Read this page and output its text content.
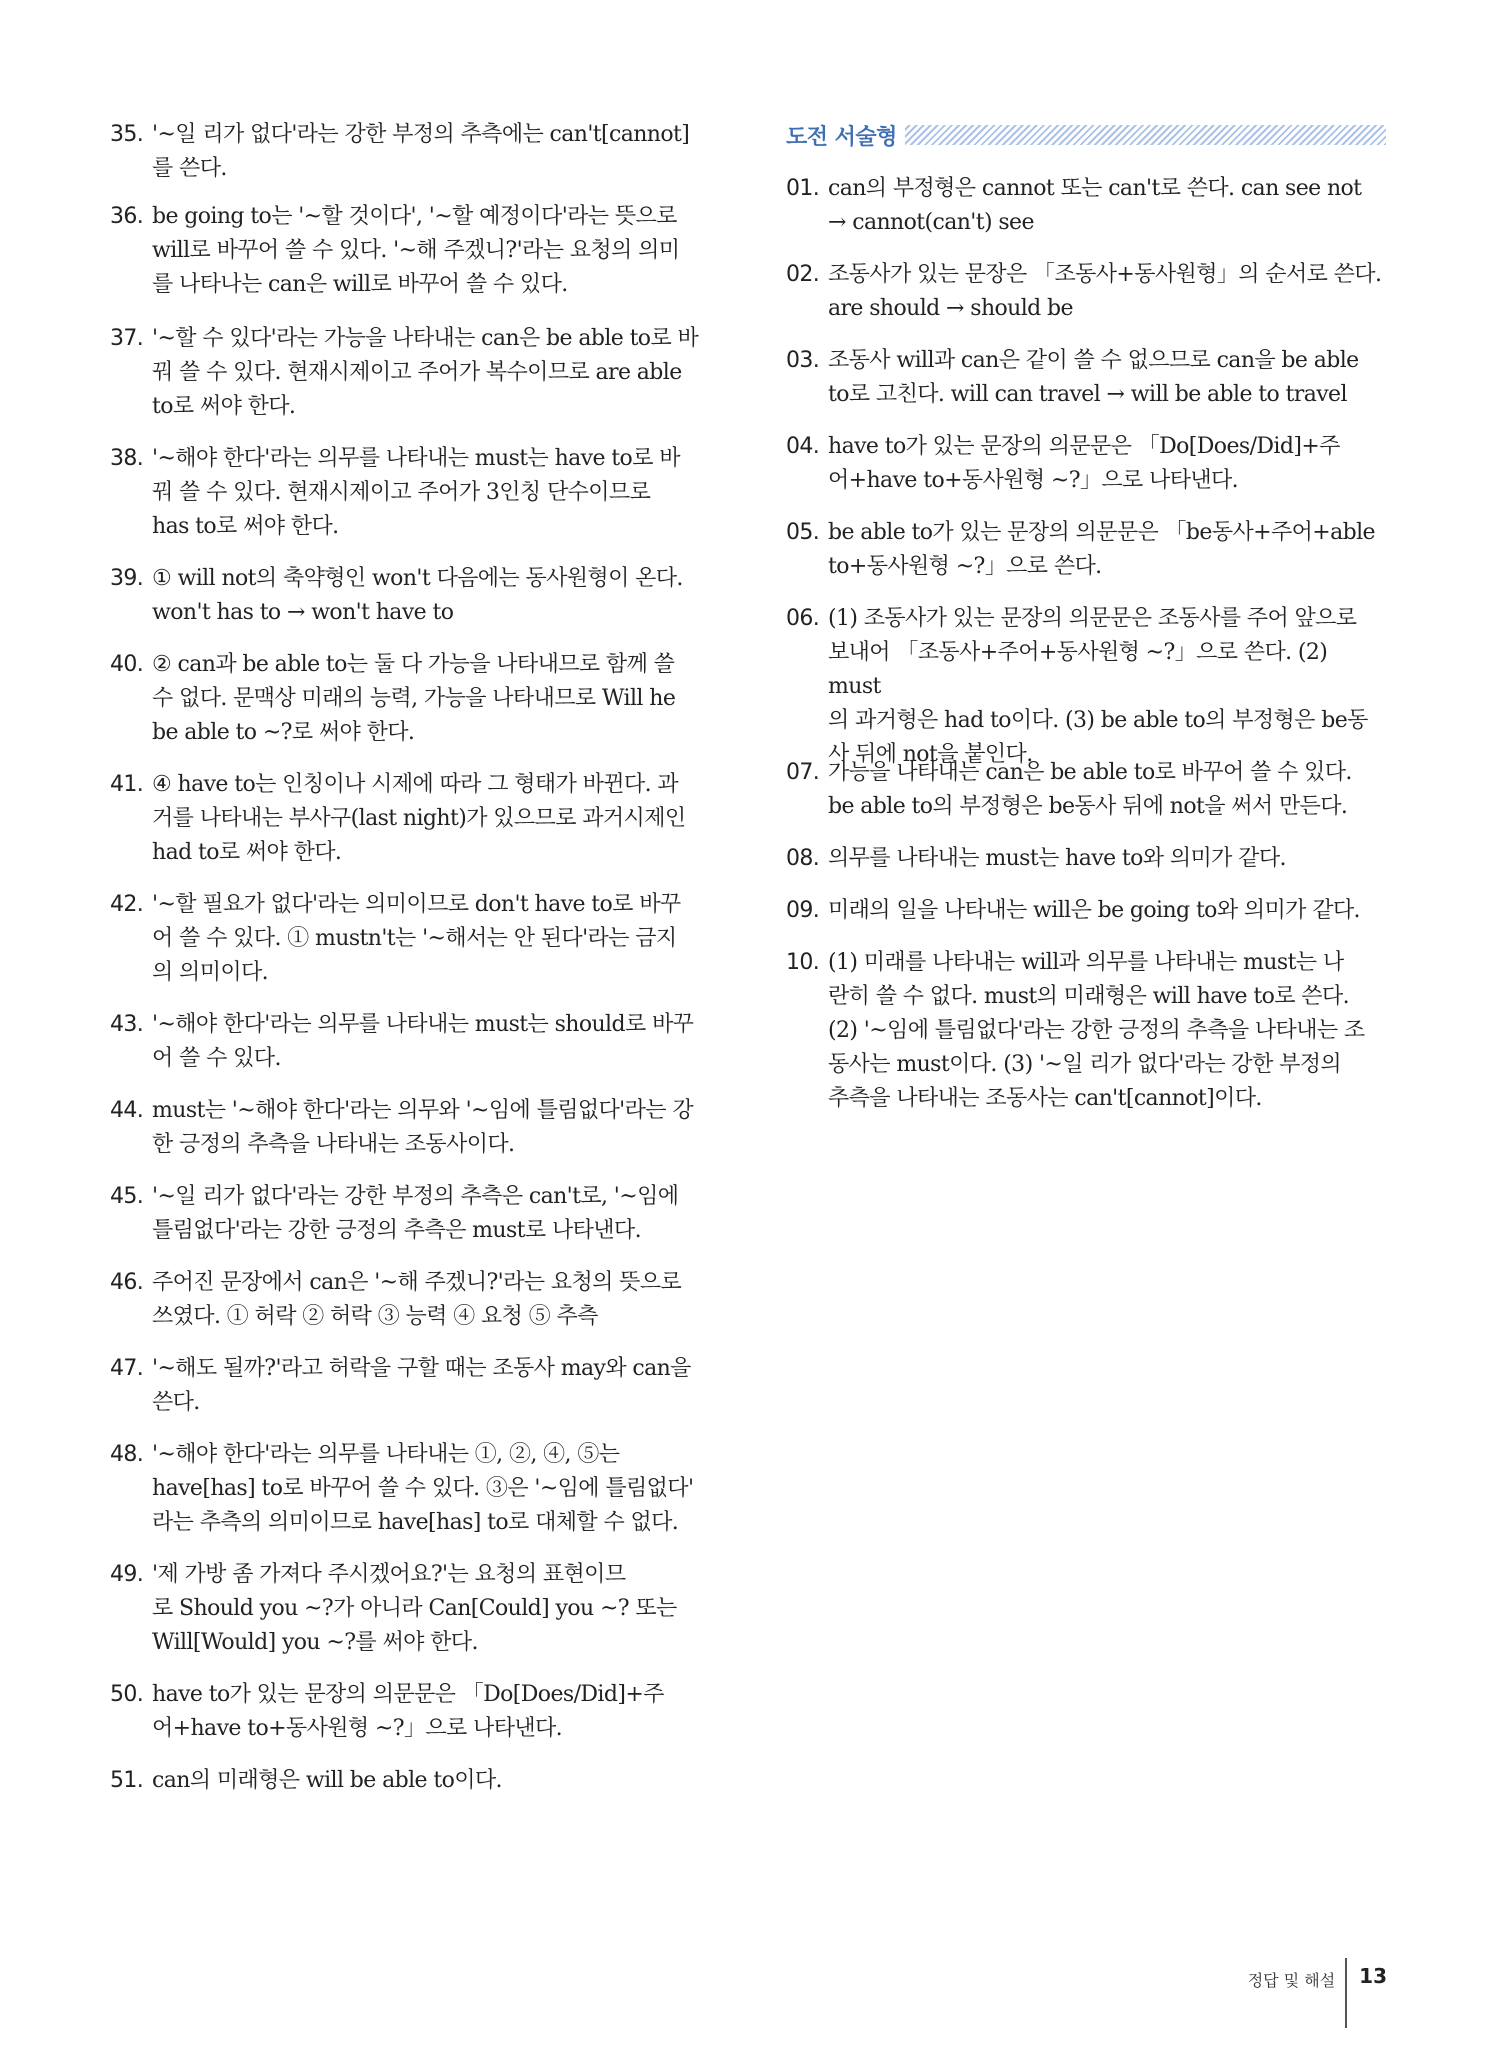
35. '~일 리가 없다'라는 강한 부정의 추측에는 can't[cannot]
를 쓴다.
36. be going to는 '~할 것이다', '~할 예정이다'라는 뜻으로
will로 바꾸어 쓸 수 있다. '~해 주겠니?'라는 요청의 의미
를 나타나는 can은 will로 바꾸어 쓸 수 있다.
37. '~할 수 있다'라는 가능을 나타내는 can은 be able to로 바
꿔 쓸 수 있다. 현재시제이고 주어가 복수이므로 are able
to로 써야 한다.
38. '~해야 한다'라는 의무를 나타내는 must는 have to로 바
꿔 쓸 수 있다. 현재시제이고 주어가 3인칭 단수이므로
has to로 써야 한다.
39. ① will not의 축약형인 won't 다음에는 동사원형이 온다.
won't has to → won't have to
40. ② can과 be able to는 둘 다 가능을 나타내므로 함께 쓸
수 없다. 문맥상 미래의 능력, 가능을 나타내므로 Will he
be able to ~?로 써야 한다.
41. ④ have to는 인칭이나 시제에 따라 그 형태가 바뀐다. 과
거를 나타내는 부사구(last night)가 있으므로 과거시제인
had to로 써야 한다.
42. '~할 필요가 없다'라는 의미이므로 don't have to로 바꾸
어 쓸 수 있다. ① mustn't는 '~해서는 안 된다'라는 금지
의 의미이다.
43. '~해야 한다'라는 의무를 나타내는 must는 should로 바꾸
어 쓸 수 있다.
44. must는 '~해야 한다'라는 의무와 '~임에 틀림없다'라는 강
한 긍정의 추측을 나타내는 조동사이다.
45. '~일 리가 없다'라는 강한 부정의 추측은 can't로, '~임에
틀림없다'라는 강한 긍정의 추측은 must로 나타낸다.
46. 주어진 문장에서 can은 '~해 주겠니?'라는 요청의 뜻으로
쓰였다. ① 허락 ② 허락 ③ 능력 ④ 요청 ⑤ 추측
47. '~해도 될까?'라고 허락을 구할 때는 조동사 may와 can을
쓴다.
48. '~해야 한다'라는 의무를 나타내는 ①, ②, ④, ⑤는
have[has] to로 바꾸어 쓸 수 있다. ③은 '~임에 틀림없다'
라는 추측의 의미이므로 have[has] to로 대체할 수 없다.
49. '제 가방 좀 가져다 주시겠어요?'는 요청의 표현이므
로 Should you ~?가 아니라 Can[Could] you ~? 또는
Will[Would] you ~?를 써야 한다.
50. have to가 있는 문장의 의문문은 「Do[Does/Did]+주
어+have to+동사원형 ~?」으로 나타낸다.
51. can의 미래형은 will be able to이다.
도전 서술형
01. can의 부정형은 cannot 또는 can't로 쓴다. can see not
→ cannot(can't) see
02. 조동사가 있는 문장은 「조동사+동사원형」의 순서로 쓴다.
are should → should be
03. 조동사 will과 can은 같이 쓸 수 없으므로 can을 be able
to로 고친다. will can travel → will be able to travel
04. have to가 있는 문장의 의문문은 「Do[Does/Did]+주
어+have to+동사원형 ~?」으로 나타낸다.
05. be able to가 있는 문장의 의문문은 「be동사+주어+able
to+동사원형 ~?」으로 쓴다.
06. (1) 조동사가 있는 문장의 의문문은 조동사를 주어 앞으로
보내어 「조동사+주어+동사원형 ~?」으로 쓴다. (2) must
의 과거형은 had to이다. (3) be able to의 부정형은 be동
사 뒤에 not을 붙인다.
07. 가능을 나타내는 can은 be able to로 바꾸어 쓸 수 있다.
be able to의 부정형은 be동사 뒤에 not을 써서 만든다.
08. 의무를 나타내는 must는 have to와 의미가 같다.
09. 미래의 일을 나타내는 will은 be going to와 의미가 같다.
10. (1) 미래를 나타내는 will과 의무를 나타내는 must는 나
란히 쓸 수 없다. must의 미래형은 will have to로 쓴다.
(2) '~임에 틀림없다'라는 강한 긍정의 추측을 나타내는 조
동사는 must이다. (3) '~일 리가 없다'라는 강한 부정의
추측을 나타내는 조동사는 can't[cannot]이다.
정답 및 해설 13
